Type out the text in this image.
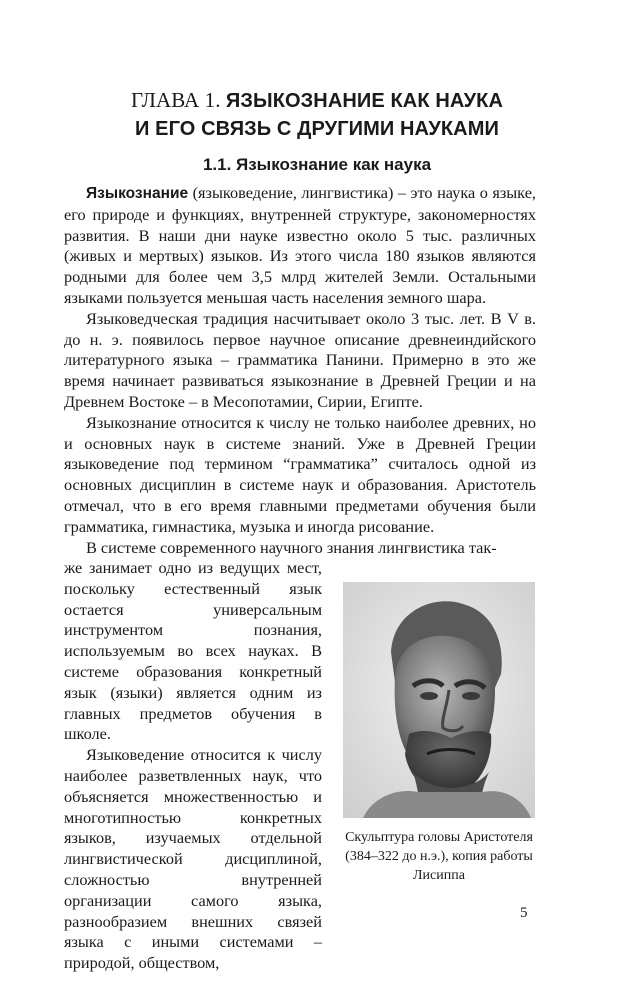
ГЛАВА 1. ЯЗЫКОЗНАНИЕ КАК НАУКА
И ЕГО СВЯЗЬ С ДРУГИМИ НАУКАМИ
1.1. Языкознание как наука

Языкознание (языковедение, лингвистика) – это наука о языке, его природе и функциях, внутренней структуре, закономерностях развития. В наши дни науке известно около 5 тыс. различных (живых и мертвых) языков. Из этого числа 180 языков являются родными для более чем 3,5 млрд жителей Земли. Остальными языками пользуется меньшая часть населения земного шара.

Языковедческая традиция насчитывает около 3 тыс. лет. В V в. до н. э. появилось первое научное описание древнеиндийского литературного языка – грамматика Панини. Примерно в это же время начинает развиваться языкознание в Древней Греции и на Древнем Востоке – в Месопотамии, Сирии, Египте.

Языкознание относится к числу не только наиболее древних, но и основных наук в системе знаний. Уже в Древней Греции языковедение под термином “грамматика” считалось одной из основных дисциплин в системе наук и образования. Аристотель отмечал, что в его время главными предметами обучения были грамматика, гимнастика, музыка и иногда рисование.

В системе современного научного знания лингвистика так-

же занимает одно из ведущих мест, поскольку естественный язык остается универсальным инструментом познания, используемым во всех науках. В системе образования конкретный язык (языки) является одним из главных предметов обучения в школе.

Языковедение относится к числу наиболее разветвленных наук, что объясняется множественностью и многотипностью конкретных языков, изучаемых отдельной лингвистической дисциплиной, сложностью внутренней организации самого языка, разнообразием внешних связей языка с иными системами – природой, обществом,

Скульптура головы Аристотеля (384–322 до н.э.), копия работы Лисиппа
5
